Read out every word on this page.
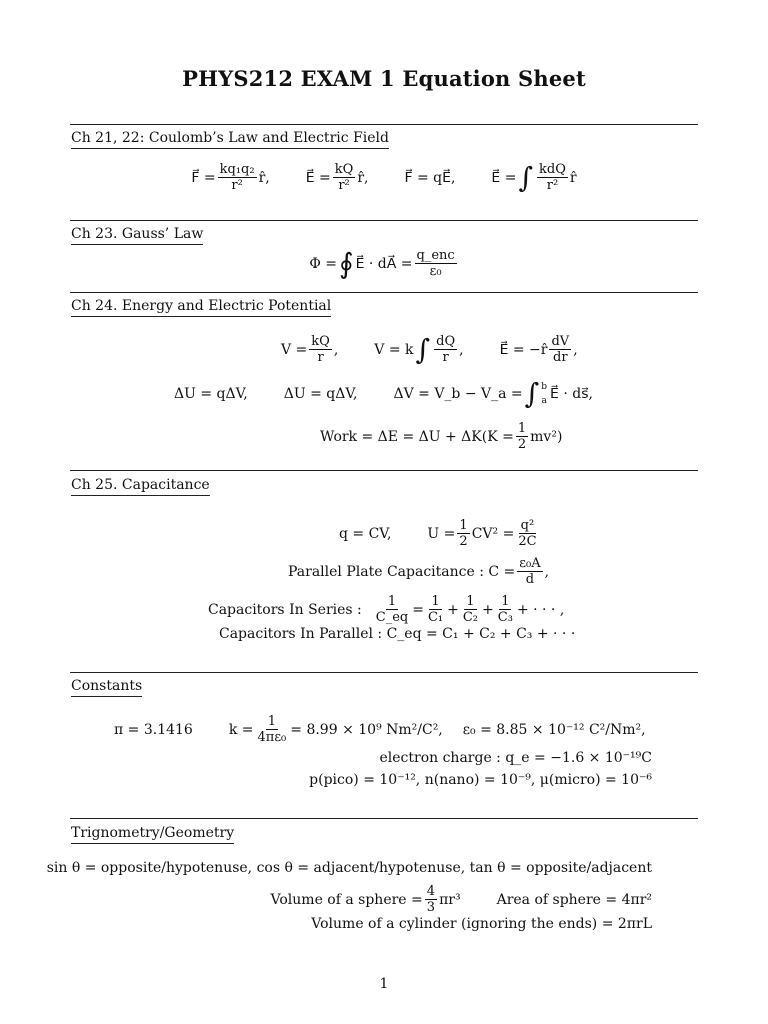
PHYS212 EXAM 1 Equation Sheet
Ch 21, 22: Coulomb’s Law and Electric Field
F⃗ = $\frac{\text{kq₁q₂}}{\text{r²}}$ r̂,	E⃗ = $\frac{kQ}{\text{r²}}$ r̂,	F⃗ = qE⃗,	E⃗ = ∫ $\frac{\text{kdQ}}{\text{r²}}$ r̂
Ch 23. Gauss’ Law
Φ = ∮ E⃗ · dA⃗ = $\frac{\text{q\_enc}}{\text{ε₀}}$
Ch 24. Energy and Electric Potential
$V = \frac{kQ}{r}$ ,	V = k ∫ $\frac{dQ}{r}$ ,	E⃗ = −r̂ $\frac{dV}{dr}$ ,
ΔU = qΔV,	ΔU = qΔV,	ΔV = V_b − V_a = ∫ b
a E⃗ · ds⃗,
Work = $\Delta E = \Delta U + \Delta K(K = \frac{1}{2} mv^2)$
Ch 25. Capacitance
q = CV,	$U = \frac{1}{2} CV^2 = \frac{\text{q²}}{2C}$
Parallel Plate Capacitance : $C = \frac{\text{ε₀A}}{d}$ ,
Capacitors In Series : $\frac{1}{C\_eq} = \frac{1}{\text{C₁}} + \frac{1}{\text{C₂}} + \frac{1}{\text{C₃}}$ + · · · ,
Capacitors In Parallel : C_eq = C₁ + C₂ + C₃ + · · ·
Constants
π = 3.1416	$k = \frac{1}{\text{4πε₀}} = 8.99 \times 10^9$ Nm²/C², ε₀ = 8.85 × 10⁻¹² C²/Nm²,
electron charge : q_e = −1.6 × 10⁻¹⁹C
p(pico) = 10⁻¹², n(nano) = 10⁻⁹, μ(micro) = 10⁻⁶
Trignometry/Geometry
sin θ = opposite/hypotenuse, cos θ = adjacent/hypotenuse, tan θ = opposite/adjacent
Volume of a sphere = $\frac{4}{3} \pi r^3$	Area of sphere = 4πr²
Volume of a cylinder (ignoring the ends) = 2πrL
1
